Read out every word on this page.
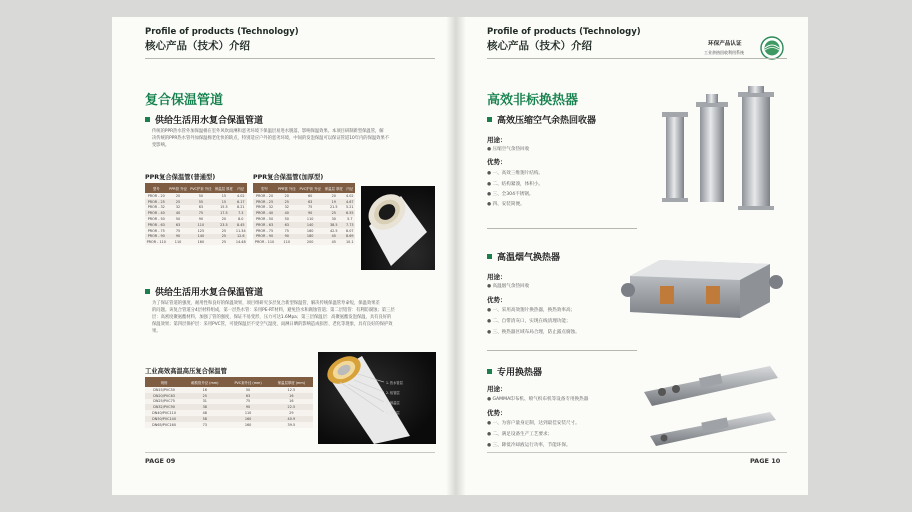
Profile of products (Technology)
核心产品（技术）介绍
复合保温管道
供给生活用水复合保温管道
传统的PPR热水管外加保温棉在室外风吹雨淋和恶劣环境下保温层易进水脱落，影响保温效果。本项目研制新型保温管，解
决传统的PPR热水管外加保温棉老化快的缺点，特别适应户外的恶劣环境，中间的发泡保温可以保证管道10年内的保温效果不
变影响。
PPR复合保温管(普通型)
型号	PPR管 外径	PVC护套 外径	保温层 厚度	内径
PROR - 20	20	50	15	4.02
PROR - 25	25	55	15	6.17
PROR - 32	32	63	15.5	8.21
PROR - 40	40	75	17.5	7.3
PROR - 50	50	90	20	8.0
PROR - 63	63	110	23.5	8.45
PROR - 75	75	125	25	11.34
PROR - 90	90	140	25	12.6
PROR - 110	110	160	25	14.48
PPR复合保温管(加厚型)
型号	PPR管 外径	PVC护套 外径	保温层 厚度	内径
PROR - 20	20	60	20	4.02
PROR - 25	25	63	19	4.67
PROR - 32	32	75	21.5	5.21
PROR - 40	40	90	25	6.55
PROR - 50	50	110	30	5.7
PROR - 63	63	140	38.5	7.73
PROR - 75	75	160	42.5	8.07
PROR - 90	90	180	45	8.69
PROR - 110	110	200	45	10.1
供给生活用水复合保温管道
为了保证管道的强度、耐用性和良好的保温效果，项目组研究多层复合新型保温管，解决传统保温管寿命短，保温效果差
的问题。该复合管道分4层材料组成，第一层热水管：采用PE-RT材料，避免热水和腐蚀管道；第二层铝管：有利防腐蚀；第三层
层：高密度聚氨酯材料，加强了管的强度，保证不易变形，压力可达1.6Mpa；第三层保温层：高聚氨酯发泡保温，具有良好的
保温效果；第四层保护层：采用PVC管，可使保温层不受空气湿度、雨淋日晒的影响造成损害、老化等现象，具有良好的保护效
果。
工业高效高温高压复合保温管
规格	耐酸管外径 (mm)	PVC套外径 (mm)	保温层厚度 (mm)
DN15/PVC50	16	50	12.5
DN20/PVC63	25	63	16
DN25/PVC75	31	75	16
DN32/PVC90	38	90	22.5
DN40/PVC110	48	110	29
DN50/PVC140	58	160	40.9
DN65/PVC160	73	160	39.5
1. 热水管层
2. 铝管层
3. 保温层
4. 保护层
PAGE 09
Profile of products (Technology)
核心产品（技术）介绍	环保产品认证
工业余热回收利用系统
高效非标换热器
高效压缩空气余热回收器
用途：
● 压缩空气余热回收
优势：
● 一、高效三维翅片结构。
● 二、结构紧凑，体积小。
● 三、全304不锈钢。
● 四、安装简便。
高温烟气换热器
用途：
● 高温烟气余热回收
优势：
● 一、采用高效翅片换热器，换热效率高；
● 二、自带清灰口，实现在线清理功能；
● 三、换热器区域布局合理，防止露点腐蚀。
专用换热器
用途：
● GAMMA印布机、喷气织布机等设备专用换热器
优势：
● 一、为客户量身定制，达到最佳安装尺寸。
● 二、满足设备生产工艺要求；
● 三、降低冷却液运行功率，节能环保。
PAGE 10
